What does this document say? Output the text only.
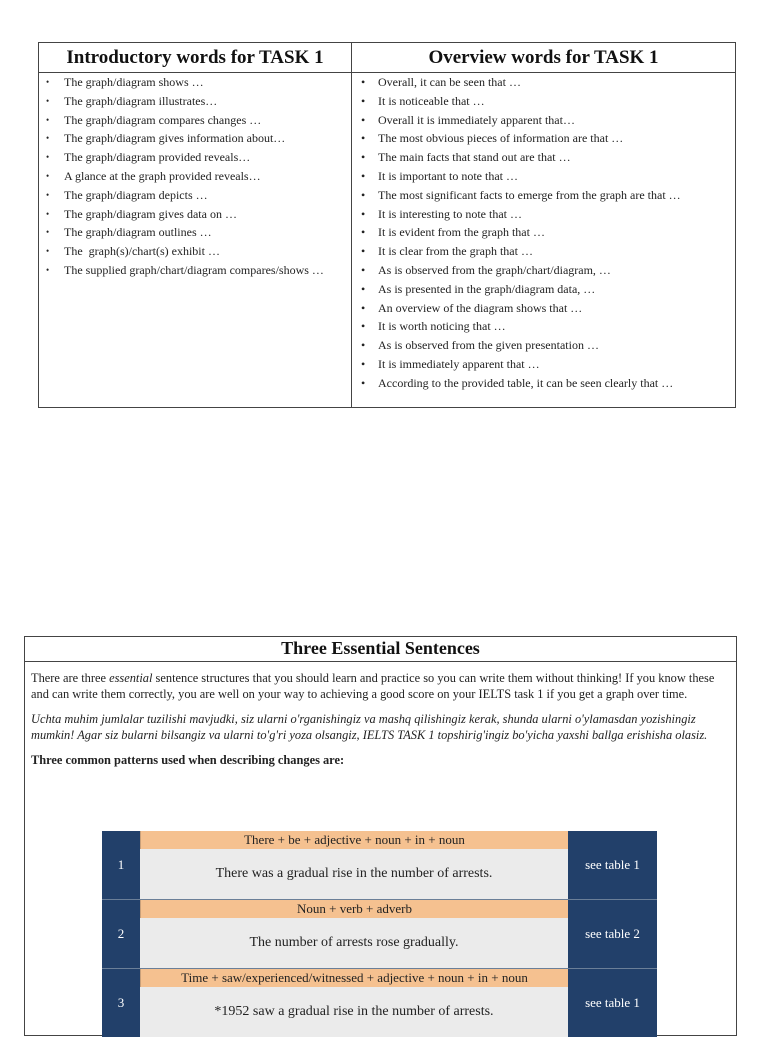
Introductory words for TASK 1	Overview words for TASK 1
• The graph/diagram shows …
• The graph/diagram illustrates…
• The graph/diagram compares changes …
• The graph/diagram gives information about…
• The graph/diagram provided reveals…
• A glance at the graph provided reveals…
• The graph/diagram depicts …
• The graph/diagram gives data on …
• The graph/diagram outlines …
• The  graph(s)/chart(s) exhibit …
• The supplied graph/chart/diagram compares/shows …
• Overall, it can be seen that …
• It is noticeable that …
• Overall it is immediately apparent that…
• The most obvious pieces of information are that …
• The main facts that stand out are that …
• It is important to note that …
• The most significant facts to emerge from the graph are that …
• It is interesting to note that …
• It is evident from the graph that …
• It is clear from the graph that …
• As is observed from the graph/chart/diagram, …
• As is presented in the graph/diagram data, …
• An overview of the diagram shows that …
• It is worth noticing that …
• As is observed from the given presentation …
• It is immediately apparent that …
• According to the provided table, it can be seen clearly that …
Three Essential Sentences

There are three essential sentence structures that you should learn and practice so you can write them without thinking! If you know these and can write them correctly, you are well on your way to achieving a good score on your IELTS task 1 if you get a graph over time.

Uchta muhim jumlalar tuzilishi mavjudki, siz ularni o'rganishingiz va mashq qilishingiz kerak, shunda ularni o'ylamasdan yozishingiz mumkin! Agar siz bularni bilsangiz va ularni to'g'ri yoza olsangiz, IELTS TASK 1 topshirig'ingiz bo'yicha yaxshi ballga erishisha olasiz.

Three common patterns used when describing changes are:

1
There + be + adjective + noun + in + noun
There was a gradual rise in the number of arrests.
see table 1
2
Noun + verb + adverb
The number of arrests rose gradually.
see table 2
3
Time + saw/experienced/witnessed + adjective + noun + in + noun
*1952 saw a gradual rise in the number of arrests.
see table 1
